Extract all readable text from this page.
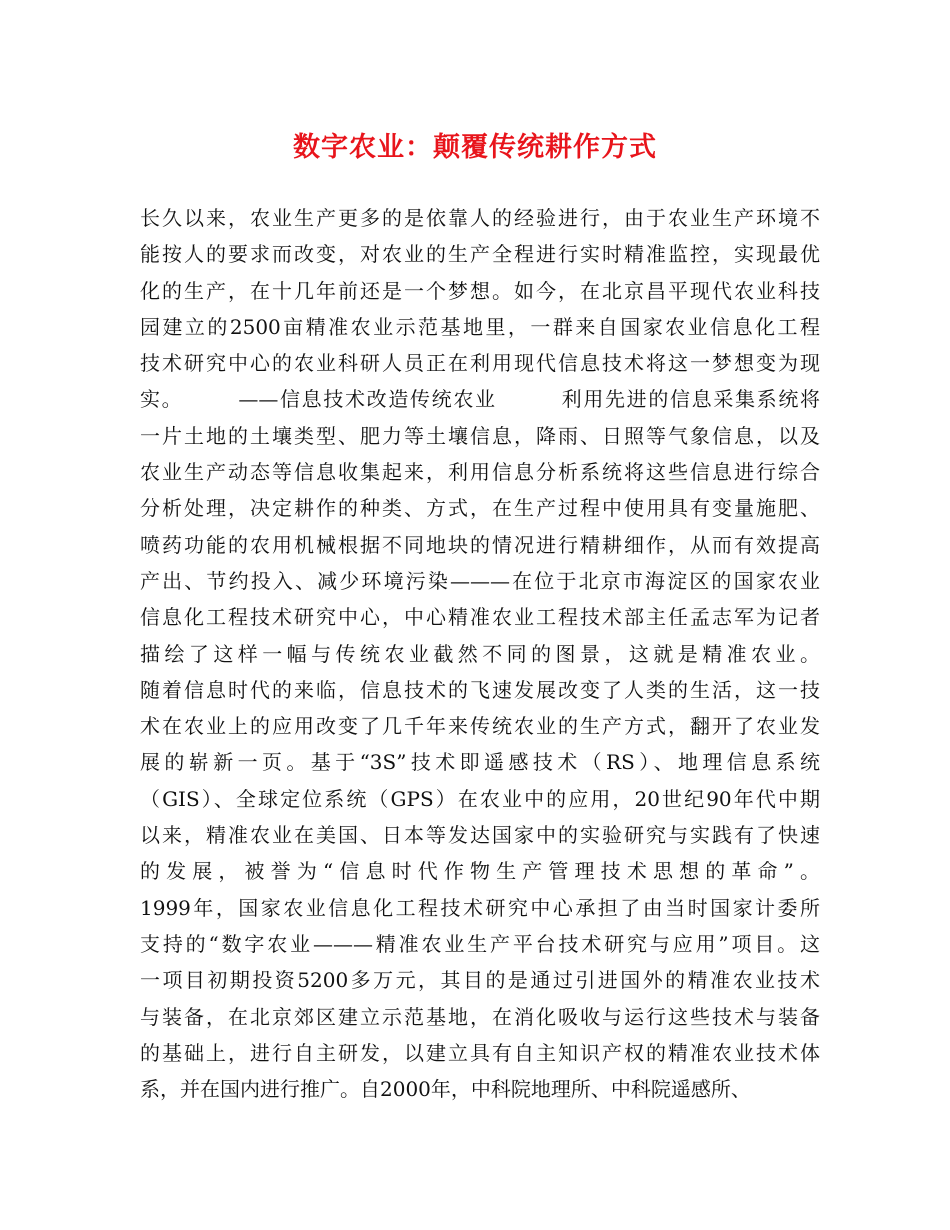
数字农业：颠覆传统耕作方式
长久以来，农业生产更多的是依靠人的经验进行，由于农业生产环境不
能按人的要求而改变，对农业的生产全程进行实时精准监控，实现最优
化的生产，在十几年前还是一个梦想。如今，在北京昌平现代农业科技
园建立的2500亩精准农业示范基地里，一群来自国家农业信息化工程
技术研究中心的农业科研人员正在利用现代信息技术将这一梦想变为现
实。　　　——信息技术改造传统农业　　　利用先进的信息采集系统将
一片土地的土壤类型、肥力等土壤信息，降雨、日照等气象信息，以及
农业生产动态等信息收集起来，利用信息分析系统将这些信息进行综合
分析处理，决定耕作的种类、方式，在生产过程中使用具有变量施肥、
喷药功能的农用机械根据不同地块的情况进行精耕细作，从而有效提高
产出、节约投入、减少环境污染———在位于北京市海淀区的国家农业
信息化工程技术研究中心，中心精准农业工程技术部主任孟志军为记者
描绘了这样一幅与传统农业截然不同的图景，这就是精准农业。
随着信息时代的来临，信息技术的飞速发展改变了人类的生活，这一技
术在农业上的应用改变了几千年来传统农业的生产方式，翻开了农业发
展的崭新一页。基于“3S”技术即遥感技术（RS）、地理信息系统
（GIS）、全球定位系统（GPS）在农业中的应用，20世纪90年代中期
以来，精准农业在美国、日本等发达国家中的实验研究与实践有了快速
的发展，被誉为“信息时代作物生产管理技术思想的革命”。
1999年，国家农业信息化工程技术研究中心承担了由当时国家计委所
支持的“数字农业———精准农业生产平台技术研究与应用”项目。这
一项目初期投资5200多万元，其目的是通过引进国外的精准农业技术
与装备，在北京郊区建立示范基地，在消化吸收与运行这些技术与装备
的基础上，进行自主研发，以建立具有自主知识产权的精准农业技术体
系，并在国内进行推广。自2000年，中科院地理所、中科院遥感所、
